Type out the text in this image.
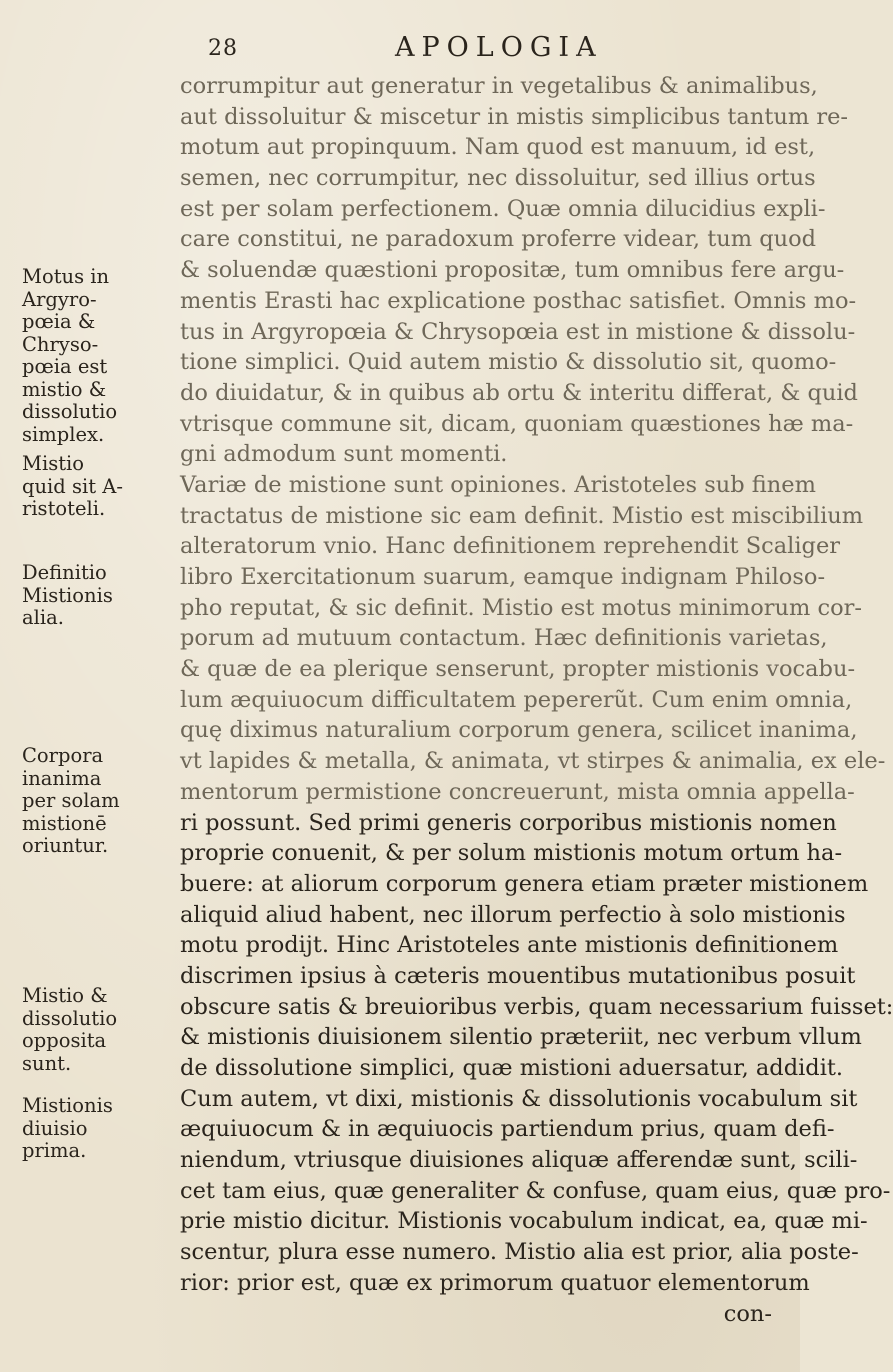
28	APOLOGIA
corrumpitur aut generatur in vegetalibus & animalibus,
aut dissoluitur & miscetur in mistis simplicibus tantum re-
motum aut propinquum. Nam quod est manuum, id est,
semen, nec corrumpitur, nec dissoluitur, sed illius ortus
est per solam perfectionem. Quæ omnia dilucidius expli-
care constitui, ne paradoxum proferre videar, tum quod
& soluendæ quæstioni propositæ, tum omnibus fere argu-
mentis Erasti hac explicatione posthac satisfiet. Omnis mo-
tus in Argyropœia & Chrysopœia est in mistione & dissolu-
tione simplici. Quid autem mistio & dissolutio sit, quomo-
do diuidatur, & in quibus ab ortu & interitu differat, & quid
vtrisque commune sit, dicam, quoniam quæstiones hæ ma-
gni admodum sunt momenti.
Variæ de mistione sunt opiniones. Aristoteles sub finem
tractatus de mistione sic eam definit. Mistio est miscibilium
alteratorum vnio. Hanc definitionem reprehendit Scaliger
libro Exercitationum suarum, eamque indignam Philoso-
pho reputat, & sic definit. Mistio est motus minimorum cor-
porum ad mutuum contactum. Hæc definitionis varietas,
& quæ de ea plerique senserunt, propter mistionis vocabu-
lum æquiuocum difficultatem pepererũt. Cum enim omnia,
quę diximus naturalium corporum genera, scilicet inanima,
vt lapides & metalla, & animata, vt stirpes & animalia, ex ele-
mentorum permistione concreuerunt, mista omnia appella-
ri possunt. Sed primi generis corporibus mistionis nomen
proprie conuenit, & per solum mistionis motum ortum ha-
buere: at aliorum corporum genera etiam præter mistionem
aliquid aliud habent, nec illorum perfectio à solo mistionis
motu prodijt. Hinc Aristoteles ante mistionis definitionem
discrimen ipsius à cæteris mouentibus mutationibus posuit
obscure satis & breuioribus verbis, quam necessarium fuisset:
& mistionis diuisionem silentio præteriit, nec verbum vllum
de dissolutione simplici, quæ mistioni aduersatur, addidit.
Cum autem, vt dixi, mistionis & dissolutionis vocabulum sit
æquiuocum & in æquiuocis partiendum prius, quam defi-
niendum, vtriusque diuisiones aliquæ afferendæ sunt, scili-
cet tam eius, quæ generaliter & confuse, quam eius, quæ pro-
prie mistio dicitur. Mistionis vocabulum indicat, ea, quæ mi-
scentur, plura esse numero. Mistio alia est prior, alia poste-
rior: prior est, quæ ex primorum quatuor elementorum
con-
Motus in
Argyro-
pœia &
Chryso-
pœia est
mistio &
dissolutio
simplex.
Mistio
quid sit A-
ristoteli.
Definitio
Mistionis
alia.
Corpora
inanima
per solam
mistionē
oriuntur.
Mistio &
dissolutio
opposita
sunt.
Mistionis
diuisio
prima.
